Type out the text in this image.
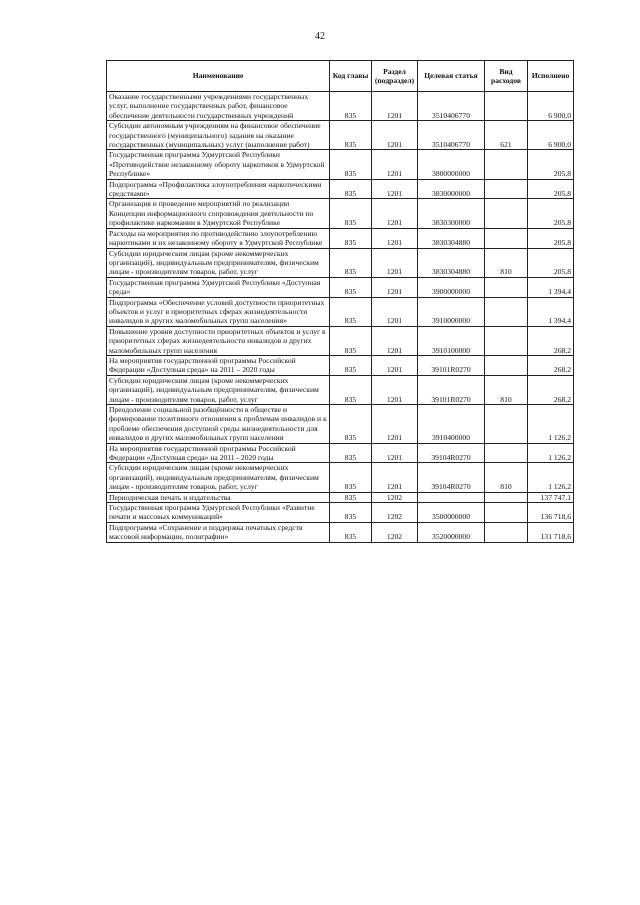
42
Наименование	Код главы	Раздел (подраздел)	Целевая статья	Вид расходов	Исполнено
Оказание государственными учреждениями государственных услуг, выполнение государственных работ, финансовое обеспечение деятельности государственных учреждений	835	1201	3510406770		6 900,0
Субсидии автономным учреждениям на финансовое обеспечение государственного (муниципального) задания на оказание государственных (муниципальных) услуг (выполнение работ)	835	1201	3510406770	621	6 900,0
Государственная программа Удмуртской Республики «Противодействие незаконному обороту наркотиков в Удмуртской Республике»	835	1201	3800000000		205,8
Подпрограмма «Профилактика злоупотребления наркотическими средствами»	835	1201	3830000000		205,8
Организация и проведение мероприятий по реализации Концепции информационного сопровождения деятельности по профилактике наркомании в Удмуртской Республике	835	1201	3830300000		205,8
Расходы на мероприятия по противодействию злоупотреблению наркотиками и их незаконному обороту в Удмуртской Республике	835	1201	3830304880		205,8
Субсидии юридическим лицам (кроме некоммерческих организаций), индивидуальным предпринимателям, физическим лицам - производителям товаров, работ, услуг	835	1201	3830304880	810	205,8
Государственная программа Удмуртской Республики «Доступная среда»	835	1201	3900000000		1 394,4
Подпрограмма «Обеспечение условий доступности приоритетных объектов и услуг в приоритетных сферах жизнедеятельности инвалидов и других маломобильных групп населения»	835	1201	3910000000		1 394,4
Повышение уровня доступности приоритетных объектов и услуг в приоритетных сферах жизнедеятельности инвалидов и других маломобильных групп населения	835	1201	3910100000		268,2
На мероприятия государственной программы Российской Федерации «Доступная среда» на 2011 – 2020 годы	835	1201	39101R0270		268,2
Субсидии юридическим лицам (кроме некоммерческих организаций), индивидуальным предпринимателям, физическим лицам - производителям товаров, работ, услуг	835	1201	39101R0270	810	268,2
Преодоление социальной разобщённости в обществе и формирование позитивного отношения к проблемам инвалидов и к проблеме обеспечения доступной среды жизнедеятельности для инвалидов и других маломобильных групп населения	835	1201	3910400000		1 126,2
На мероприятия государственной программы Российской Федерации «Доступная среда» на 2011 - 2020 годы	835	1201	39104R0270		1 126,2
Субсидии юридическим лицам (кроме некоммерческих организаций), индивидуальным предпринимателям, физическим лицам - производителям товаров, работ, услуг	835	1201	39104R0270	810	1 126,2
Периодическая печать и издательства	835	1202			137 747,1
Государственная программа Удмуртской Республики «Развитие печати и массовых коммуникаций»	835	1202	3500000000		136 718,6
Подпрограмма «Сохранение и поддержка печатных средств массовой информации, полиграфии»	835	1202	3520000000		131 718,6
